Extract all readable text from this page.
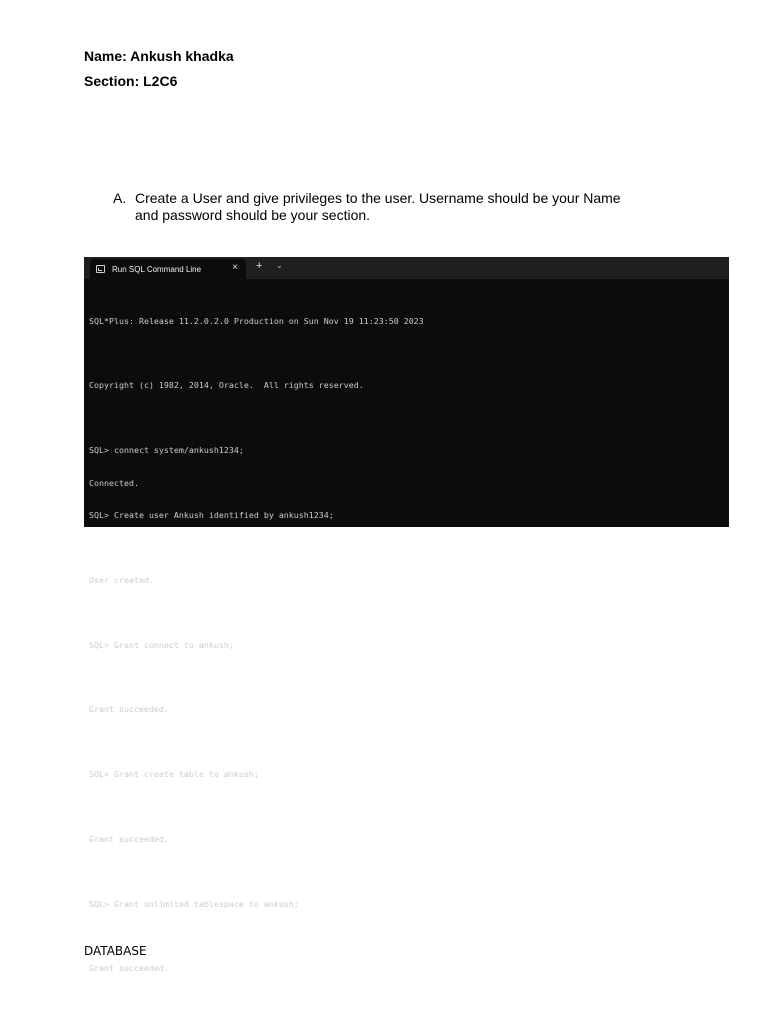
Name: Ankush khadka
Section: L2C6
A. Create a User and give privileges to the user. Username should be your Name and password should be your section.
Run SQL Command Line	× + ⌄

SQL*Plus: Release 11.2.0.2.0 Production on Sun Nov 19 11:23:50 2023

Copyright (c) 1982, 2014, Oracle.  All rights reserved.

SQL> connect system/ankush1234;

Connected.

SQL> Create user Ankush identified by ankush1234;

User created.

SQL> Grant connect to ankush;

Grant succeeded.

SQL> Grant create table to ankush;

Grant succeeded.

SQL> Grant unlimited tablespace to ankush;

Grant succeeded.

DATABASE
